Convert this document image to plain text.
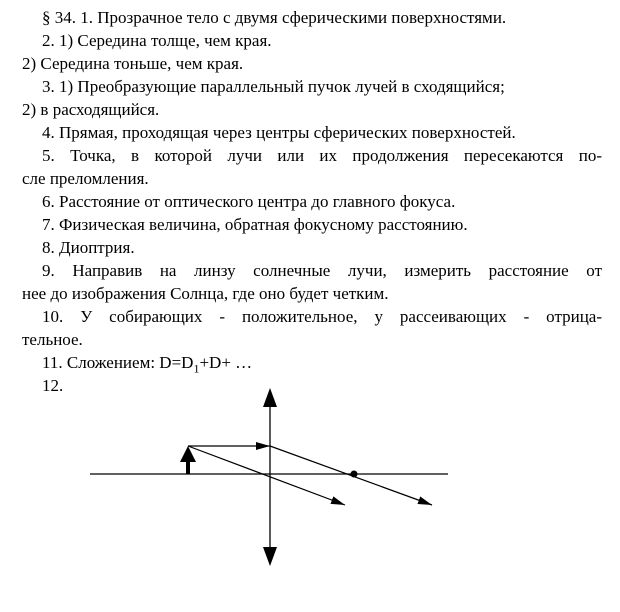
§ 34. 1. Прозрачное тело с двумя сферическими поверхностями.
2. 1) Середина толще, чем края.
2) Середина тоньше, чем края.
3. 1) Преобразующие параллельный пучок лучей в сходящийся;
2) в расходящийся.
4. Прямая, проходящая через центры сферических поверхностей.
5. Точка, в которой лучи или их продолжения пересекаются по-
сле преломления.
6. Расстояние от оптического центра до главного фокуса.
7. Физическая величина, обратная фокусному расстоянию.
8. Диоптрия.
9. Направив на линзу солнечные лучи, измерить расстояние от
нее до изображения Солнца, где оно будет четким.
10. У собирающих - положительное, у рассеивающих - отрица-
тельное.
11. Сложением: $D=D_1+D+$ …
12.
